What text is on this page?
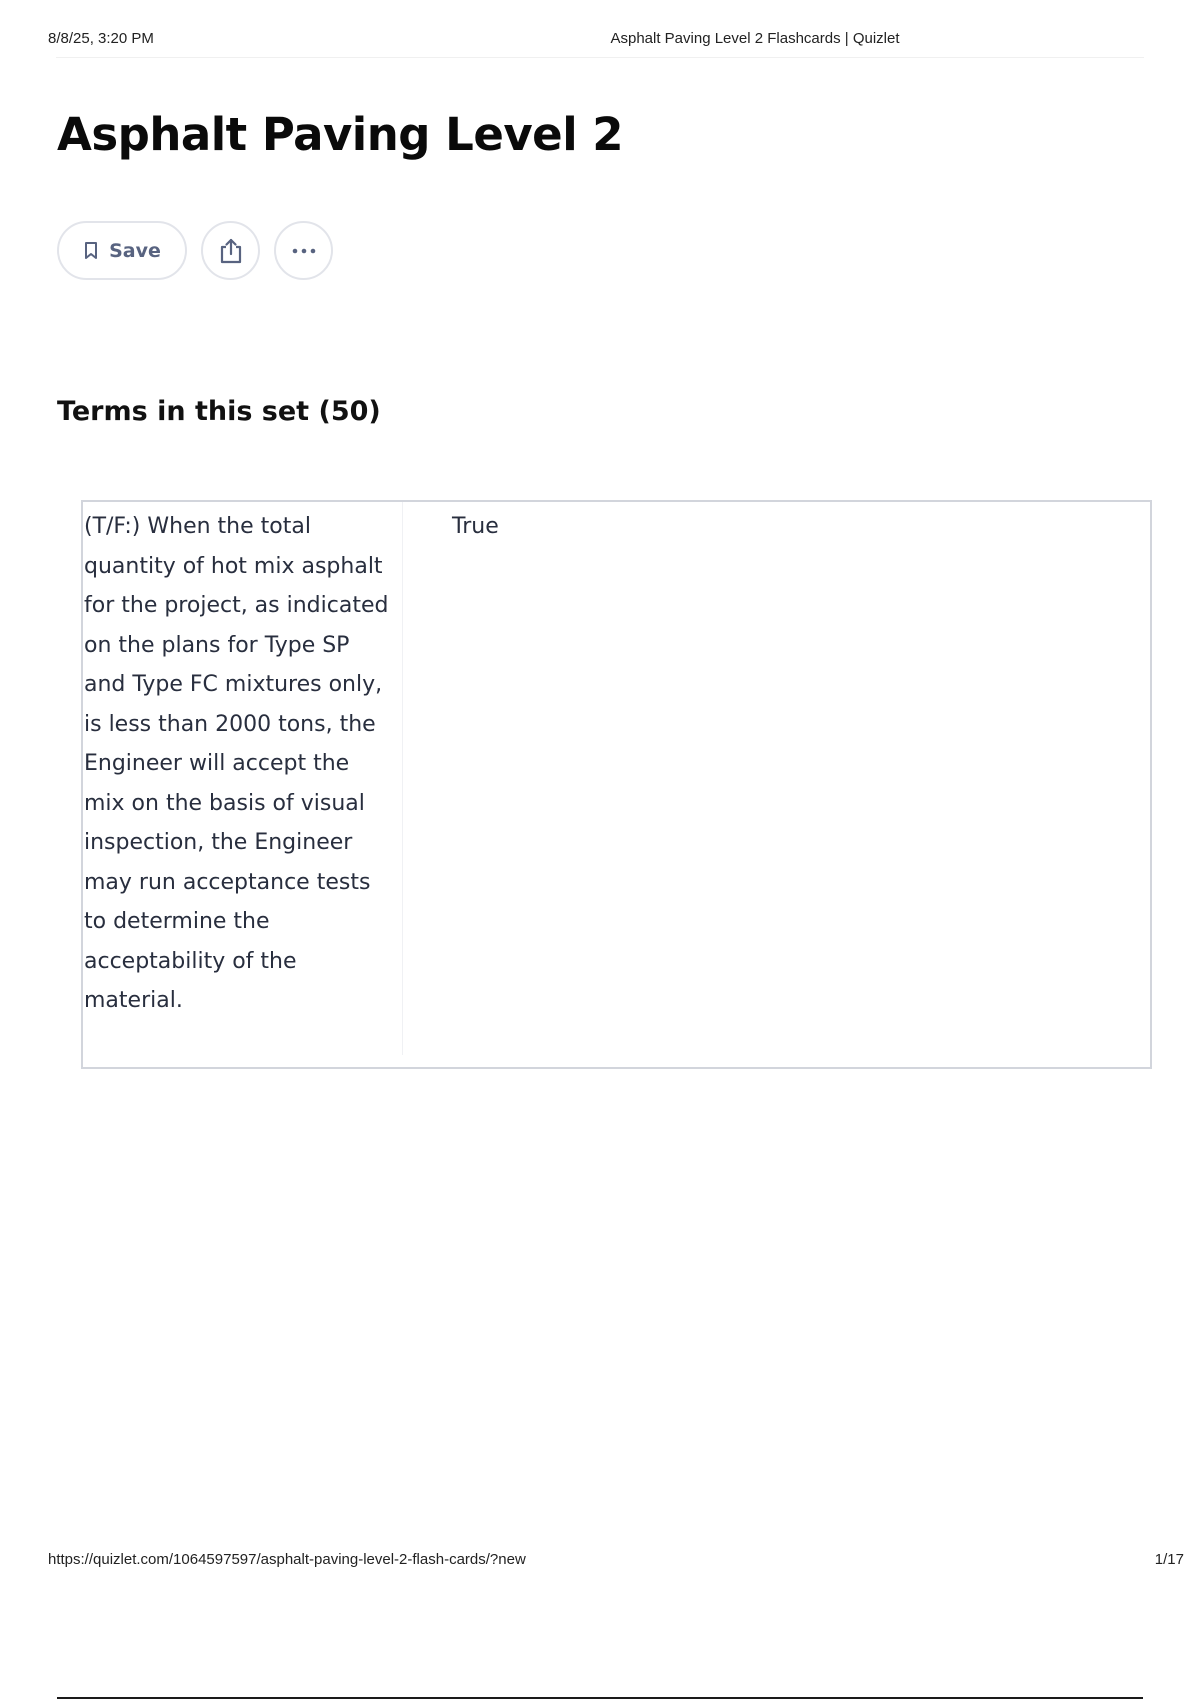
8/8/25, 3:20 PM	Asphalt Paving Level 2 Flashcards | Quizlet
Asphalt Paving Level 2
Save
Terms in this set (50)
(T/F:) When the total quantity of hot mix asphalt for the project, as indicated on the plans for Type SP and Type FC mixtures only, is less than 2000 tons, the Engineer will accept the mix on the basis of visual inspection, the Engineer may run acceptance tests to determine the acceptability of the material.
True
https://quizlet.com/1064597597/asphalt-paving-level-2-flash-cards/?new	1/17
